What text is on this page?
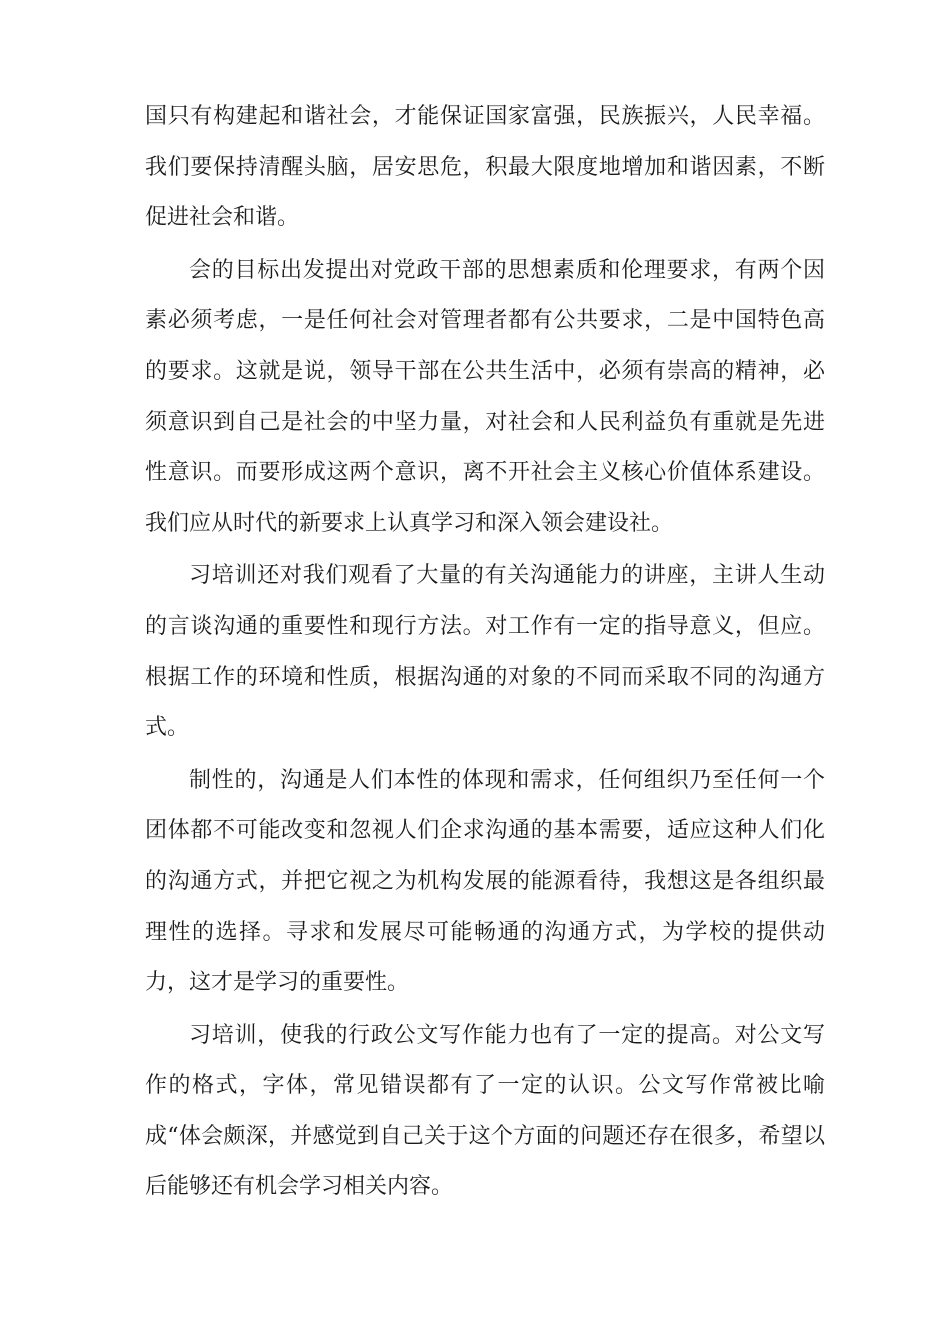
国只有构建起和谐社会，才能保证国家富强，民族振兴，人民幸福。我们要保持清醒头脑，居安思危，积最大限度地增加和谐因素，不断促进社会和谐。

会的目标出发提出对党政干部的思想素质和伦理要求，有两个因素必须考虑，一是任何社会对管理者都有公共要求，二是中国特色高的要求。这就是说，领导干部在公共生活中，必须有崇高的精神，必须意识到自己是社会的中坚力量，对社会和人民利益负有重就是先进性意识。而要形成这两个意识，离不开社会主义核心价值体系建设。我们应从时代的新要求上认真学习和深入领会建设社。

习培训还对我们观看了大量的有关沟通能力的讲座，主讲人生动的言谈沟通的重要性和现行方法。对工作有一定的指导意义，但应。根据工作的环境和性质，根据沟通的对象的不同而采取不同的沟通方式。

制性的，沟通是人们本性的体现和需求，任何组织乃至任何一个团体都不可能改变和忽视人们企求沟通的基本需要，适应这种人们化的沟通方式，并把它视之为机构发展的能源看待，我想这是各组织最理性的选择。寻求和发展尽可能畅通的沟通方式，为学校的提供动力，这才是学习的重要性。

习培训，使我的行政公文写作能力也有了一定的提高。对公文写作的格式，字体，常见错误都有了一定的认识。公文写作常被比喻成“体会颇深，并感觉到自己关于这个方面的问题还存在很多，希望以后能够还有机会学习相关内容。
